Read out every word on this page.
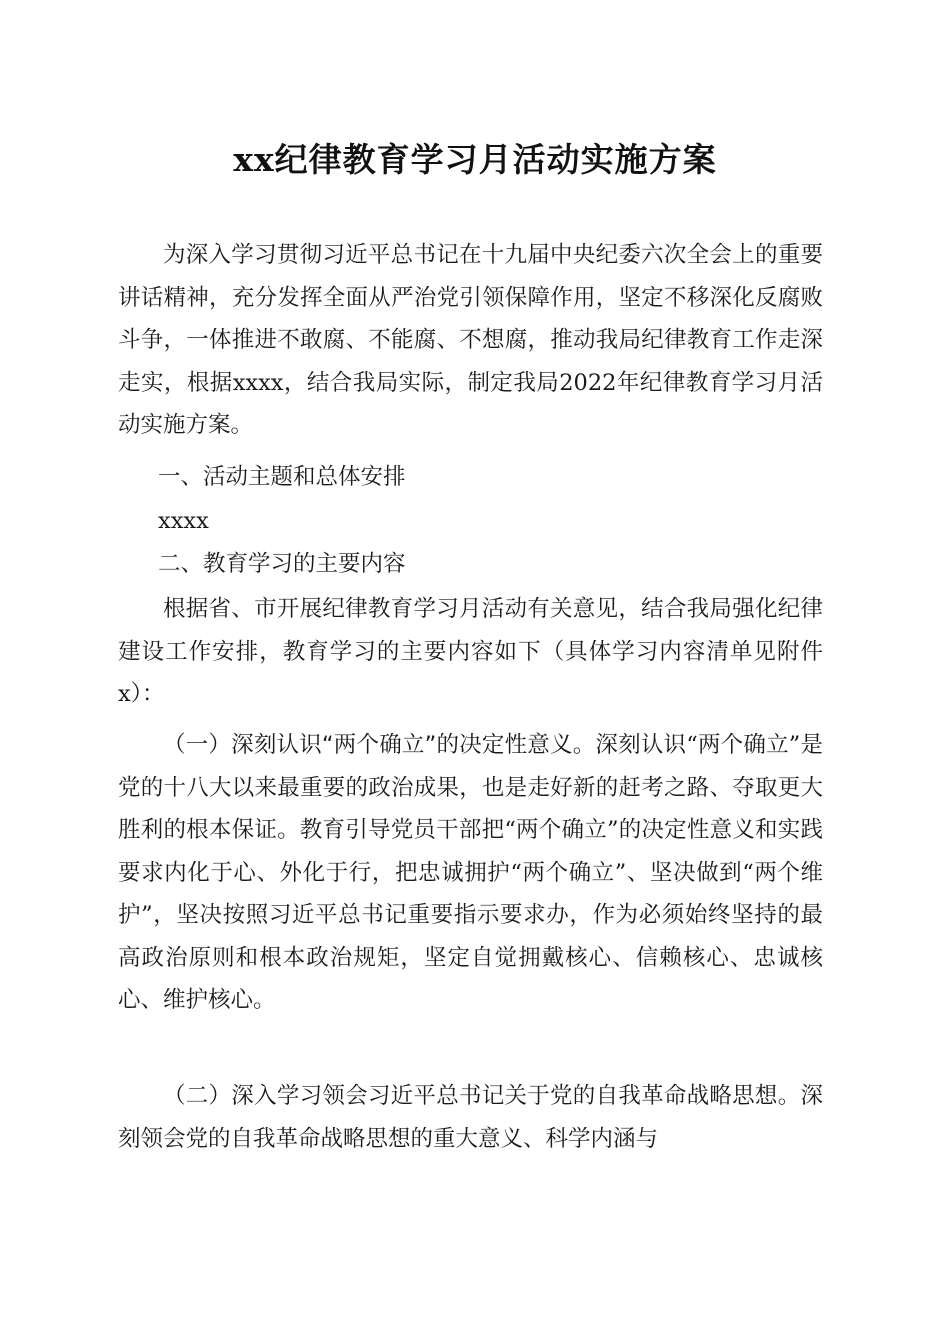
xx纪律教育学习月活动实施方案

为深入学习贯彻习近平总书记在十九届中央纪委六次全会上的重要讲话精神，充分发挥全面从严治党引领保障作用，坚定不移深化反腐败斗争，一体推进不敢腐、不能腐、不想腐，推动我局纪律教育工作走深走实，根据xxxx，结合我局实际，制定我局2022年纪律教育学习月活动实施方案。

一、活动主题和总体安排

xxxx

二、教育学习的主要内容

根据省、市开展纪律教育学习月活动有关意见，结合我局强化纪律建设工作安排，教育学习的主要内容如下（具体学习内容清单见附件x）：

（一）深刻认识“两个确立”的决定性意义。深刻认识“两个确立”是党的十八大以来最重要的政治成果，也是走好新的赶考之路、夺取更大胜利的根本保证。教育引导党员干部把“两个确立”的决定性意义和实践要求内化于心、外化于行，把忠诚拥护“两个确立”、坚决做到“两个维护”，坚决按照习近平总书记重要指示要求办，作为必须始终坚持的最高政治原则和根本政治规矩，坚定自觉拥戴核心、信赖核心、忠诚核心、维护核心。

（二）深入学习领会习近平总书记关于党的自我革命战略思想。深刻领会党的自我革命战略思想的重大意义、科学内涵与
